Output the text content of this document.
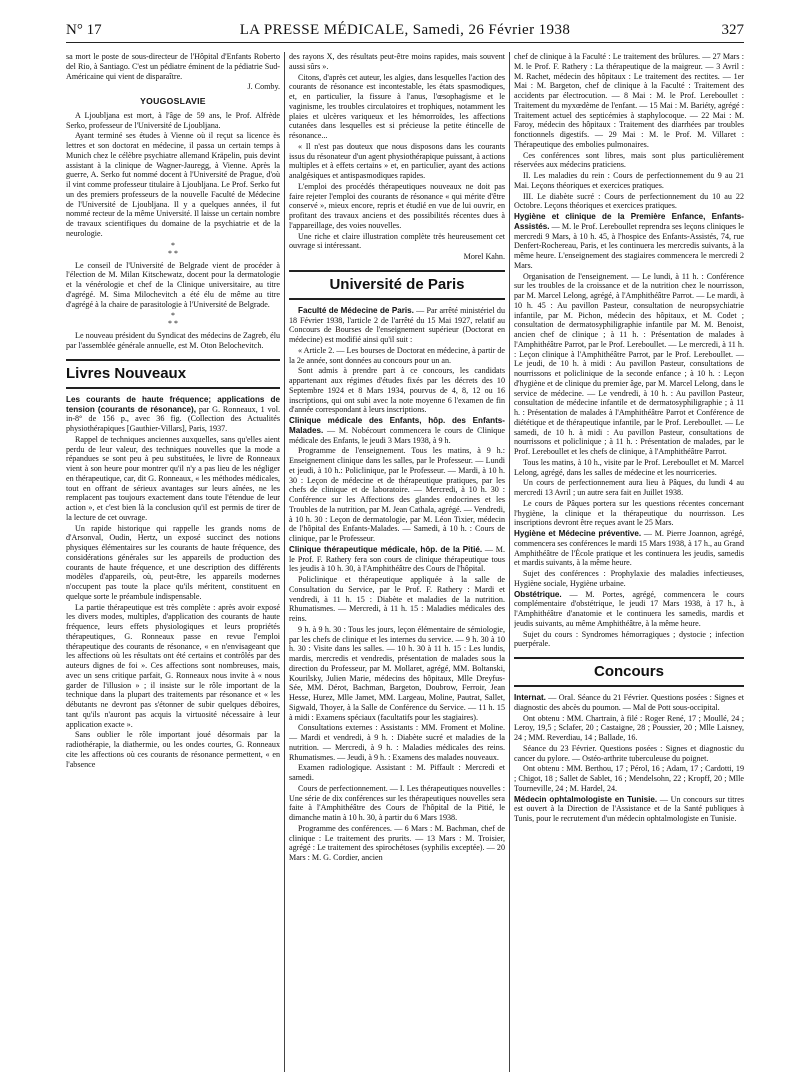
N° 17	LA PRESSE MÉDICALE, Samedi, 26 Février 1938	327

sa mort le poste de sous-directeur de l'Hôpital d'Enfants Roberto del Rio, à Santiago. C'est un pédiatre éminent de la pédiatrie Sud-Américaine qui vient de disparaître.

J. Comby.
YOUGOSLAVIE

A Ljoubljana est mort, à l'âge de 59 ans, le Prof. Alfrède Serko, professeur de l'Université de Ljoubljana.

Ayant terminé ses études à Vienne où il reçut sa licence ès lettres et son doctorat en médecine, il passa un certain temps à Munich chez le célèbre psychiatre allemand Kräpelin, puis devint assistant à la clinique de Wagner-Jauregg, à Vienne. Après la guerre, A. Serko fut nommé docent à l'Université de Prague, d'où il vint comme professeur titulaire à Ljoubljana. Le Prof. Serko fut un des premiers professeurs de la nouvelle Faculté de Médecine de l'Université de Ljoubljana. Il y a quelques années, il fut nommé recteur de la même Université. Il laisse un certain nombre de travaux scientifiques du domaine de la psychiatrie et de la neurologie.

*
* *

Le conseil de l'Université de Belgrade vient de procéder à l'élection de M. Milan Kitschewatz, docent pour la dermatologie et la vénérologie et chef de la Clinique universitaire, au titre d'agrégé. M. Sima Milochevitch a été élu de même au titre d'agrégé à la chaire de parasitologie à l'Université de Belgrade.

*
* *

Le nouveau président du Syndicat des médecins de Zagreb, élu par l'assemblée générale annuelle, est M. Oton Belochevitch.

Livres Nouveaux

Les courants de haute fréquence; applications de tension (courants de résonance), par G. Ronneaux, 1 vol. in-8° de 156 p., avec 36 fig. (Collection des Actualités physiothérapiques [Gauthier-Villars], Paris, 1937.

Rappel de techniques anciennes auxquelles, sans qu'elles aient perdu de leur valeur, des techniques nouvelles que la mode a répandues se sont peu à peu substituées, le livre de Ronneaux vient à son heure pour montrer qu'il n'y a pas lieu de les négliger en thérapeutique, car, dit G. Ronneaux, « les méthodes médicales, tout en offrant de sérieux avantages sur leurs aînées, ne les remplacent pas toujours exactement dans toute l'étendue de leur action », et c'est bien là la conclusion qu'il est permis de tirer de la lecture de cet ouvrage.

Un rapide historique qui rappelle les grands noms de d'Arsonval, Oudin, Hertz, un exposé succinct des notions physiques élémentaires sur les courants de haute fréquence, des considérations générales sur les appareils de production des courants de haute fréquence, et une description des différents modèles d'appareils, où, peut-être, les appareils modernes n'occupent pas toute la place qu'ils méritent, constituent en quelque sorte le préambule indispensable.

La partie thérapeutique est très complète : après avoir exposé les divers modes, multiples, d'application des courants de haute fréquence, leurs effets physiologiques et leurs propriétés thérapeutiques, G. Ronneaux passe en revue l'emploi thérapeutique des courants de résonance, « en n'envisageant que les affections où les résultats ont été certains et contrôlés par des auteurs dignes de foi ». Ces affections sont nombreuses, mais, avec un sens critique parfait, G. Ronneaux nous invite à « nous garder de l'illusion » ; il insiste sur le rôle important de la technique dans la plupart des traitements par résonance et « les débutants ne devront pas s'étonner de subir quelques déboires, tant qu'ils n'auront pas acquis la virtuosité nécessaire à leur application exacte ».

Sans oublier le rôle important joué désormais par la radiothérapie, la diathermie, ou les ondes courtes, G. Ronneaux cite les affections où ces courants de résonance permettent, « en l'absence

des rayons X, des résultats peut-être moins rapides, mais souvent aussi sûrs ».

Citons, d'après cet auteur, les algies, dans lesquelles l'action des courants de résonance est incontestable, les états spasmodiques, et, en particulier, la fissure à l'anus, l'œsophagisme et le vaginisme, les troubles circulatoires et trophiques, notamment les plaies et ulcères variqueux et les hémorroïdes, les affections cutanées dans lesquelles est si précieuse la petite étincelle de résonance...

« Il n'est pas douteux que nous disposons dans les courants issus du résonateur d'un agent physiothérapique puissant, à actions multiples et à effets certains » et, en particulier, ayant des actions analgésiques et antispasmodiques rapides.

L'emploi des procédés thérapeutiques nouveaux ne doit pas faire rejeter l'emploi des courants de résonance « qui mérite d'être conservé », mieux encore, repris et étudié en vue de lui ouvrir, en profitant des travaux anciens et des possibilités récentes dues à l'appareillage, des voies nouvelles.

Une riche et claire illustration complète très heureusement cet ouvrage si intéressant.

Morel Kahn.
Université de Paris

Faculté de Médecine de Paris. — Par arrêté ministériel du 18 Février 1938, l'article 2 de l'arrêté du 15 Mai 1927, relatif au Concours de Bourses de l'enseignement supérieur (Doctorat en médecine) est modifié ainsi qu'il suit :

« Article 2. — Les bourses de Doctorat en médecine, à partir de la 2e année, sont données au concours pour un an.

Sont admis à prendre part à ce concours, les candidats appartenant aux régimes d'études fixés par les décrets des 10 Septembre 1924 et 8 Mars 1934, pourvus de 4, 8, 12 ou 16 inscriptions, qui ont subi avec la note moyenne 6 l'examen de fin d'année correspondant à leurs inscriptions.

Clinique médicale des Enfants, hôp. des Enfants-Malades. — M. Nobécourt commencera le cours de Clinique médicale des Enfants, le jeudi 3 Mars 1938, à 9 h.

Programme de l'enseignement. Tous les matins, à 9 h.: Enseignement clinique dans les salles, par le Professeur. — Lundi et jeudi, à 10 h.: Policlinique, par le Professeur. — Mardi, à 10 h. 30 : Leçon de médecine et de thérapeutique pratiques, par les chefs de clinique et de laboratoire. — Mercredi, à 10 h. 30 : Conférence sur les Affections des glandes endocrines et les Troubles de la nutrition, par M. Jean Cathala, agrégé. — Vendredi, à 10 h. 30 : Leçon de dermatologie, par M. Léon Tixier, médecin de l'hôpital des Enfants-Malades. — Samedi, à 10 h. : Cours de clinique, par le Professeur.

Clinique thérapeutique médicale, hôp. de la Pitié. — M. le Prof. F. Rathery fera son cours de clinique thérapeutique tous les jeudis à 10 h. 30, à l'Amphithéâtre des Cours de l'hôpital.

Policlinique et thérapeutique appliquée à la salle de Consultation du Service, par le Prof. F. Rathery : Mardi et vendredi, à 11 h. 15 : Diabète et maladies de la nutrition. Rhumatismes. — Mercredi, à 11 h. 15 : Maladies médicales des reins.

9 h. à 9 h. 30 : Tous les jours, leçon élémentaire de sémiologie, par les chefs de clinique et les internes du service. — 9 h. 30 à 10 h. 30 : Visite dans les salles. — 10 h. 30 à 11 h. 15 : Les lundis, mardis, mercredis et vendredis, présentation de malades sous la direction du Professeur, par M. Mollaret, agrégé, MM. Boltanski, Kourilsky, Julien Marie, médecins des hôpitaux, Mlle Dreyfus-Sée, MM. Dérot, Bachman, Bargeton, Doubrow, Ferroir, Jean Hesse, Hurez, Mlle Jamet, MM. Largeau, Moline, Pautrat, Sallet, Sigwald, Thoyer, à la Salle de Conférence du Service. — 11 h. 15 à midi : Examens spéciaux (facultatifs pour les stagiaires).

Consultations externes : Assistants : MM. Froment et Moline. — Mardi et vendredi, à 9 h. : Diabète sucré et maladies de la nutrition. — Mercredi, à 9 h. : Maladies médicales des reins. Rhumatismes. — Jeudi, à 9 h. : Examens des malades nouveaux.

Examen radiologique. Assistant : M. Piffault : Mercredi et samedi.

Cours de perfectionnement. — I. Les thérapeutiques nouvelles : Une série de dix conférences sur les thérapeutiques nouvelles sera faite à l'Amphithéâtre des Cours de l'hôpital de la Pitié, le dimanche matin à 10 h. 30, à partir du 6 Mars 1938.

Programme des conférences. — 6 Mars : M. Bachman, chef de clinique : Le traitement des prurits. — 13 Mars : M. Troisier, agrégé : Le traitement des spirochétoses (syphilis exceptée). — 20 Mars : M. G. Cordier, ancien

chef de clinique à la Faculté : Le traitement des brûlures. — 27 Mars : M. le Prof. F. Rathery : La thérapeutique de la maigreur. — 3 Avril : M. Rachet, médecin des hôpitaux : Le traitement des rectites. — 1er Mai : M. Bargeton, chef de clinique à la Faculté : Traitement des accidents par électrocution. — 8 Mai : M. le Prof. Lereboullet : Traitement du myxœdème de l'enfant. — 15 Mai : M. Bariéty, agrégé : Traitement actuel des septicémies à staphylocoque. — 22 Mai : M. Faroy, médecin des hôpitaux : Traitement des diarrhées par troubles fonctionnels digestifs. — 29 Mai : M. le Prof. M. Villaret : Thérapeutique des embolies pulmonaires.

Ces conférences sont libres, mais sont plus particulièrement réservées aux médecins praticiens.

II. Les maladies du rein : Cours de perfectionnement du 9 au 21 Mai. Leçons théoriques et exercices pratiques.

III. Le diabète sucré : Cours de perfectionnement du 10 au 22 Octobre. Leçons théoriques et exercices pratiques.

Hygiène et clinique de la Première Enfance, Enfants-Assistés. — M. le Prof. Lereboullet reprendra ses leçons cliniques le mercredi 9 Mars, à 10 h. 45, à l'hospice des Enfants-Assistés, 74, rue Denfert-Rochereau, Paris, et les continuera les mercredis suivants, à la même heure. L'enseignement des stagiaires commencera le mercredi 2 Mars.

Organisation de l'enseignement. — Le lundi, à 11 h. : Conférence sur les troubles de la croissance et de la nutrition chez le nourrisson, par M. Marcel Lelong, agrégé, à l'Amphithéâtre Parrot. — Le mardi, à 10 h. 45 : Au pavillon Pasteur, consultation de neuropsychiatrie infantile, par M. Pichon, médecin des hôpitaux, et M. Codet ; consultation de dermatosyphiligraphie infantile par M. M. Benoist, ancien chef de clinique ; à 11 h. : Présentation de malades à l'Amphithéâtre Parrot, par le Prof. Lereboullet. — Le mercredi, à 11 h. : Leçon clinique à l'Amphithéâtre Parrot, par le Prof. Lereboullet. — Le jeudi, de 10 h. à midi : Au pavillon Pasteur, consultations de nourrissons et policlinique de la seconde enfance ; à 10 h. : Leçon d'hygiène et de clinique du premier âge, par M. Marcel Lelong, dans le service de médecine. — Le vendredi, à 10 h. : Au pavillon Pasteur, consultation de médecine infantile et de dermatosyphiligraphie ; à 11 h. : Présentation de malades à l'Amphithéâtre Parrot et Conférence de diététique et de thérapeutique infantile, par le Prof. Lereboullet. — Le samedi, de 10 h. à midi : Au pavillon Pasteur, consultations de nourrissons et policlinique ; à 11 h. : Présentation de malades, par le Prof. Lereboullet et les chefs de clinique, à l'Amphithéâtre Parrot.

Tous les matins, à 10 h., visite par le Prof. Lereboullet et M. Marcel Lelong, agrégé, dans les salles de médecine et les nourriceries.

Un cours de perfectionnement aura lieu à Pâques, du lundi 4 au mercredi 13 Avril ; un autre sera fait en Juillet 1938.

Le cours de Pâques portera sur les questions récentes concernant l'hygiène, la clinique et la thérapeutique du nourrisson. Les inscriptions devront être reçues avant le 25 Mars.

Hygiène et Médecine préventive. — M. Pierre Joannon, agrégé, commencera ses conférences le mardi 15 Mars 1938, à 17 h., au Grand Amphithéâtre de l'École pratique et les continuera les jeudis, samedis et mardis suivants, à la même heure.

Sujet des conférences : Prophylaxie des maladies infectieuses, Hygiène sociale, Hygiène urbaine.

Obstétrique. — M. Portes, agrégé, commencera le cours complémentaire d'obstétrique, le jeudi 17 Mars 1938, à 17 h., à l'Amphithéâtre d'anatomie et le continuera les samedis, mardis et jeudis suivants, au même Amphithéâtre, à la même heure.

Sujet du cours : Syndromes hémorragiques ; dystocie ; infection puerpérale.

Concours

Internat. — Oral. Séance du 21 Février. Questions posées : Signes et diagnostic des abcès du poumon. — Mal de Pott sous-occipital.

Ont obtenu : MM. Chartrain, à filé : Roger René, 17 ; Moullé, 24 ; Leroy, 19,5 ; Sclafer, 20 ; Castaigne, 28 ; Poussier, 20 ; Mlle Laisney, 24 ; MM. Reverdiau, 14 ; Ballade, 16.

Séance du 23 Février. Questions posées : Signes et diagnostic du cancer du pylore. — Ostéo-arthrite tuberculeuse du poignet.

Ont obtenu : MM. Berthou, 17 ; Pérol, 16 ; Adam, 17 ; Cardotti, 19 ; Chigot, 18 ; Sallet de Sablet, 16 ; Mendelsohn, 22 ; Kropff, 20 ; Mlle Tourneville, 24 ; M. Hardel, 24.

Médecin ophtalmologiste en Tunisie. — Un concours sur titres est ouvert à la Direction de l'Assistance et de la Santé publiques à Tunis, pour le recrutement d'un médecin ophtalmologiste en Tunisie.
